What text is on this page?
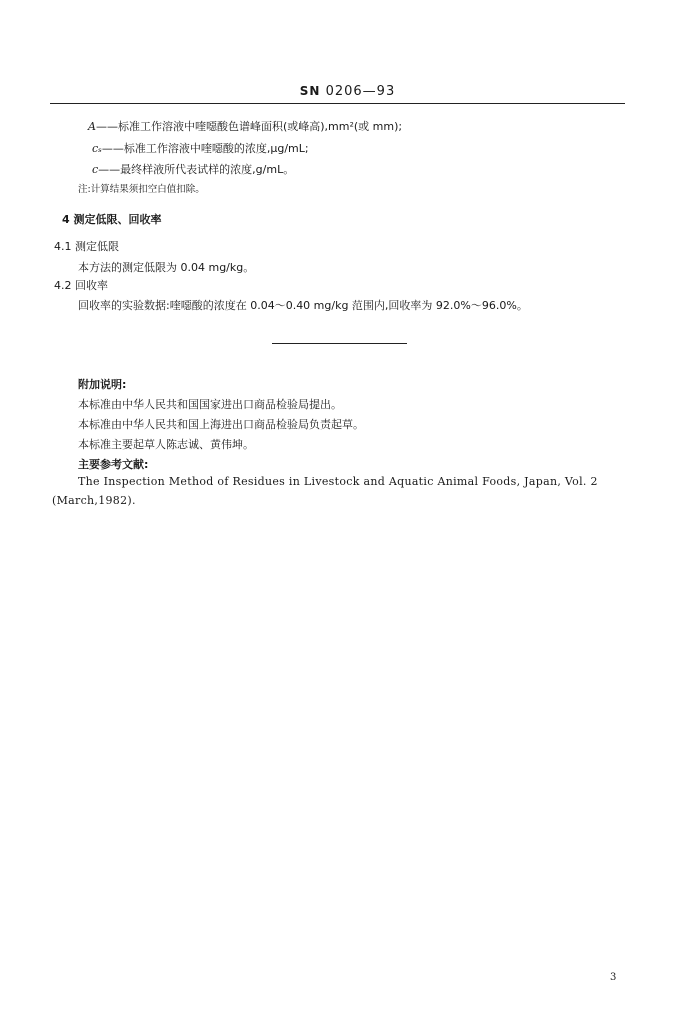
SN 0206—93
A——标准工作溶液中喹噁酸色谱峰面积(或峰高),mm²(或 mm);
cₛ——标准工作溶液中喹噁酸的浓度,μg/mL;
c——最终样液所代表试样的浓度,g/mL。
注:计算结果须扣空白值扣除。
4 测定低限、回收率
4.1 测定低限
本方法的测定低限为 0.04 mg/kg。
4.2 回收率
回收率的实验数据:喹噁酸的浓度在 0.04～0.40 mg/kg 范围内,回收率为 92.0%～96.0%。
附加说明:
本标准由中华人民共和国国家进出口商品检验局提出。
本标准由中华人民共和国上海进出口商品检验局负责起草。
本标准主要起草人陈志诚、黄伟坤。
主要参考文献:
The Inspection Method of Residues in Livestock and Aquatic Animal Foods, Japan, Vol. 2
(March,1982).
3
